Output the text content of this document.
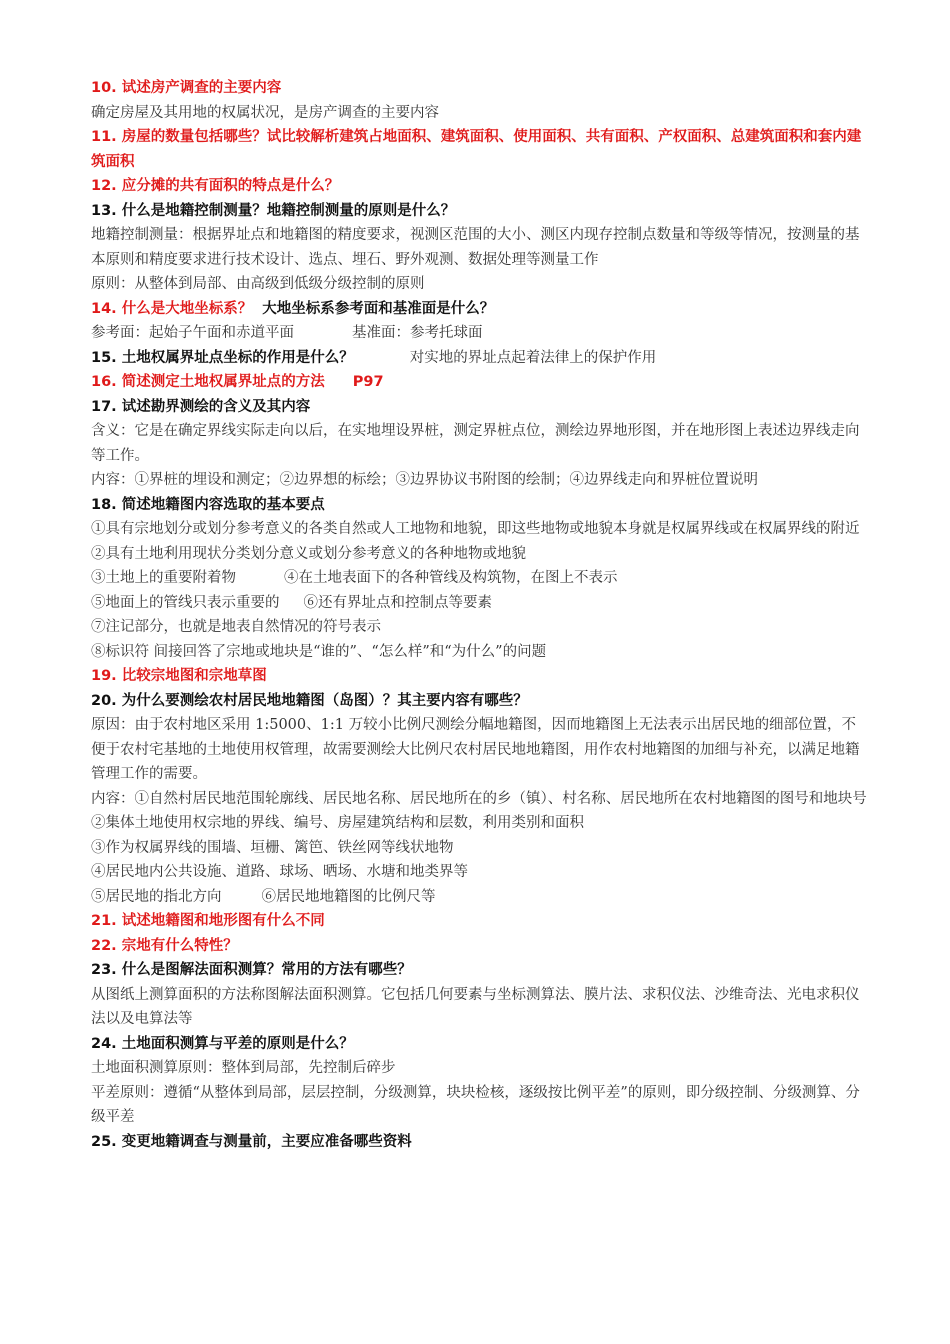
10. 试述房产调查的主要内容
确定房屋及其用地的权属状况，是房产调查的主要内容
11. 房屋的数量包括哪些？试比较解析建筑占地面积、建筑面积、使用面积、共有面积、产权面积、总建筑面积和套内建筑面积
12. 应分摊的共有面积的特点是什么？
13. 什么是地籍控制测量？地籍控制测量的原则是什么？
地籍控制测量：根据界址点和地籍图的精度要求，视测区范围的大小、测区内现存控制点数量和等级等情况，按测量的基本原则和精度要求进行技术设计、选点、埋石、野外观测、数据处理等测量工作
原则：从整体到局部、由高级到低级分级控制的原则
14. 什么是大地坐标系？ 大地坐标系参考面和基准面是什么？
参考面：起始子午面和赤道平面	基准面：参考托球面
15. 土地权属界址点坐标的作用是什么？	对实地的界址点起着法律上的保护作用
16. 简述测定土地权属界址点的方法 P97
17. 试述勘界测绘的含义及其内容
含义：它是在确定界线实际走向以后，在实地埋设界桩，测定界桩点位，测绘边界地形图，并在地形图上表述边界线走向等工作。
内容：①界桩的埋设和测定；②边界想的标绘；③边界协议书附图的绘制；④边界线走向和界桩位置说明
18. 简述地籍图内容选取的基本要点
①具有宗地划分或划分参考意义的各类自然或人工地物和地貌，即这些地物或地貌本身就是权属界线或在权属界线的附近
②具有土地利用现状分类划分意义或划分参考意义的各种地物或地貌
③土地上的重要附着物	④在土地表面下的各种管线及构筑物，在图上不表示
⑤地面上的管线只表示重要的 ⑥还有界址点和控制点等要素
⑦注记部分，也就是地表自然情况的符号表示
⑧标识符 间接回答了宗地或地块是“谁的”、“怎么样”和“为什么”的问题
19. 比较宗地图和宗地草图
20. 为什么要测绘农村居民地地籍图（岛图）？其主要内容有哪些？
原因：由于农村地区采用 1:5000、1:1 万较小比例尺测绘分幅地籍图，因而地籍图上无法表示出居民地的细部位置，不便于农村宅基地的土地使用权管理，故需要测绘大比例尺农村居民地地籍图，用作农村地籍图的加细与补充，以满足地籍管理工作的需要。
内容：①自然村居民地范围轮廓线、居民地名称、居民地所在的乡（镇）、村名称、居民地所在农村地籍图的图号和地块号
②集体土地使用权宗地的界线、编号、房屋建筑结构和层数，利用类别和面积
③作为权属界线的围墙、垣栅、篱笆、铁丝网等线状地物
④居民地内公共设施、道路、球场、晒场、水塘和地类界等
⑤居民地的指北方向	⑥居民地地籍图的比例尺等
21. 试述地籍图和地形图有什么不同
22. 宗地有什么特性？
23. 什么是图解法面积测算？常用的方法有哪些？
从图纸上测算面积的方法称图解法面积测算。它包括几何要素与坐标测算法、膜片法、求积仪法、沙维奇法、光电求积仪法以及电算法等
24. 土地面积测算与平差的原则是什么？
土地面积测算原则：整体到局部，先控制后碎步
平差原则：遵循“从整体到局部，层层控制，分级测算，块块检核，逐级按比例平差”的原则，即分级控制、分级测算、分级平差
25. 变更地籍调查与测量前，主要应准备哪些资料
